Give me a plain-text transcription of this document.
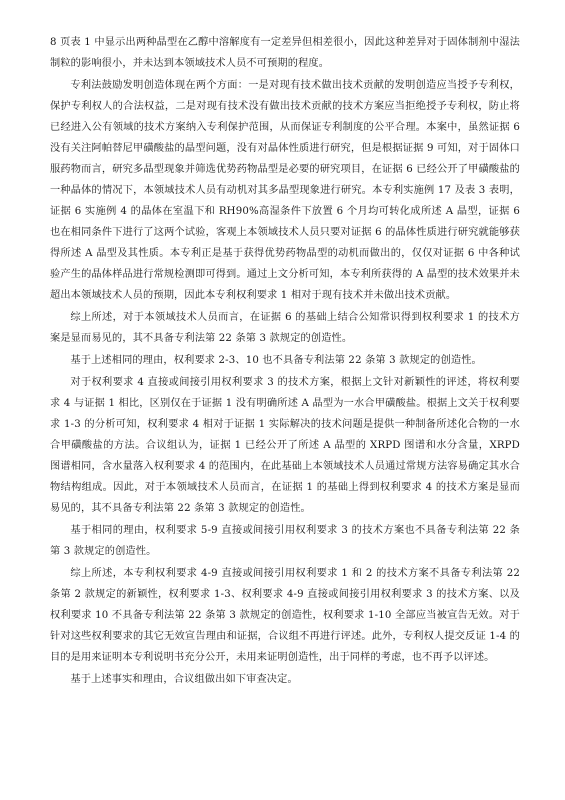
8 页表 1 中显示出两种晶型在乙醇中溶解度有一定差异但相差很小，因此这种差异对于固体制剂中湿法制粒的影响很小，并未达到本领域技术人员不可预期的程度。

专利法鼓励发明创造体现在两个方面：一是对现有技术做出技术贡献的发明创造应当授予专利权，保护专利权人的合法权益，二是对现有技术没有做出技术贡献的技术方案应当拒绝授予专利权，防止将已经进入公有领域的技术方案纳入专利保护范围，从而保证专利制度的公平合理。本案中，虽然证据 6 没有关注阿帕替尼甲磺酸盐的晶型问题，没有对晶体性质进行研究，但是根据证据 9 可知，对于固体口服药物而言，研究多晶型现象并筛选优势药物晶型是必要的研究项目，在证据 6 已经公开了甲磺酸盐的一种晶体的情况下，本领域技术人员有动机对其多晶型现象进行研究。本专利实施例 17 及表 3 表明，证据 6 实施例 4 的晶体在室温下和 RH90%高湿条件下放置 6 个月均可转化成所述 A 晶型，证据 6 也在相同条件下进行了这两个试验，客观上本领域技术人员只要对证据 6 的晶体性质进行研究就能够获得所述 A 晶型及其性质。本专利正是基于获得优势药物晶型的动机而做出的，仅仅对证据 6 中各种试验产生的晶体样品进行常规检测即可得到。通过上文分析可知，本专利所获得的 A 晶型的技术效果并未超出本领域技术人员的预期，因此本专利权利要求 1 相对于现有技术并未做出技术贡献。

综上所述，对于本领域技术人员而言，在证据 6 的基础上结合公知常识得到权利要求 1 的技术方案是显而易见的，其不具备专利法第 22 条第 3 款规定的创造性。

基于上述相同的理由，权利要求 2-3、10 也不具备专利法第 22 条第 3 款规定的创造性。

对于权利要求 4 直接或间接引用权利要求 3 的技术方案，根据上文针对新颖性的评述，将权利要求 4 与证据 1 相比，区别仅在于证据 1 没有明确所述 A 晶型为一水合甲磺酸盐。根据上文关于权利要求 1-3 的分析可知，权利要求 4 相对于证据 1 实际解决的技术问题是提供一种制备所述化合物的一水合甲磺酸盐的方法。合议组认为，证据 1 已经公开了所述 A 晶型的 XRPD 图谱和水分含量，XRPD 图谱相同，含水量落入权利要求 4 的范围内，在此基础上本领域技术人员通过常规方法容易确定其水合物结构组成。因此，对于本领域技术人员而言，在证据 1 的基础上得到权利要求 4 的技术方案是显而易见的，其不具备专利法第 22 条第 3 款规定的创造性。

基于相同的理由，权利要求 5-9 直接或间接引用权利要求 3 的技术方案也不具备专利法第 22 条第 3 款规定的创造性。

综上所述，本专利权利要求 4-9 直接或间接引用权利要求 1 和 2 的技术方案不具备专利法第 22 条第 2 款规定的新颖性，权利要求 1-3、权利要求 4-9 直接或间接引用权利要求 3 的技术方案、以及权利要求 10 不具备专利法第 22 条第 3 款规定的创造性，权利要求 1-10 全部应当被宣告无效。对于针对这些权利要求的其它无效宣告理由和证据，合议组不再进行评述。此外，专利权人提交反证 1-4 的目的是用来证明本专利说明书充分公开，未用来证明创造性，出于同样的考虑，也不再予以评述。

基于上述事实和理由，合议组做出如下审查决定。
